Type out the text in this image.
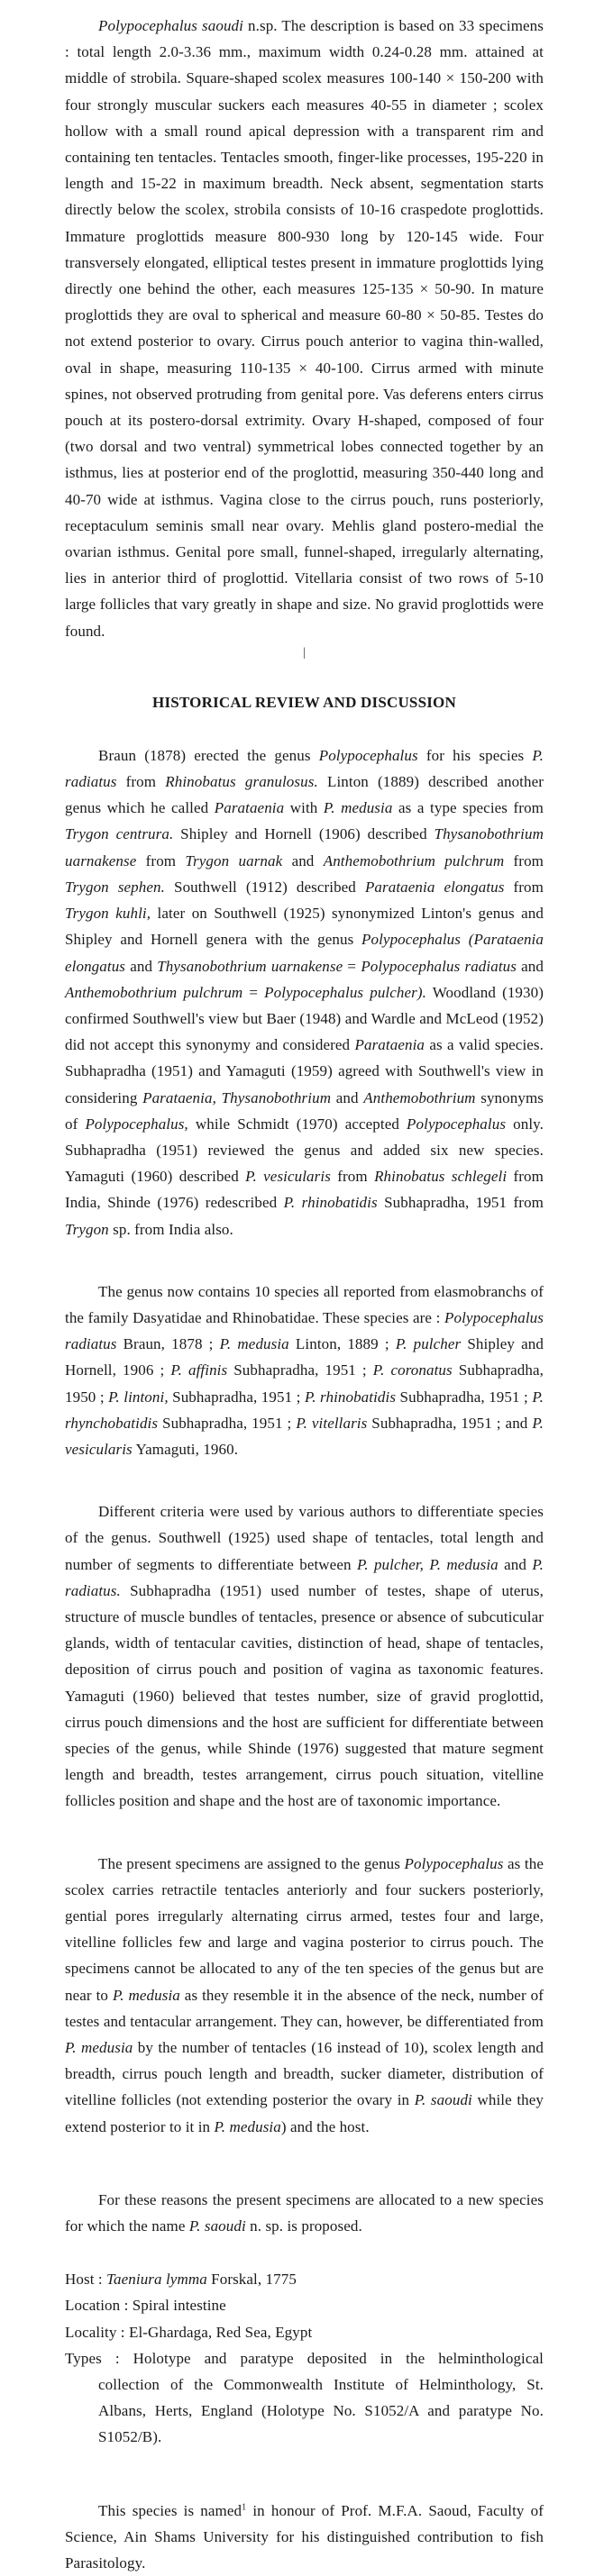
Polypocephalus saoudi n.sp. The description is based on 33 specimens : total length 2.0-3.36 mm., maximum width 0.24-0.28 mm. attained at middle of strobila. Square-shaped scolex measures 100-140 × 150-200 with four strongly muscular suckers each measures 40-55 in diameter ; scolex hollow with a small round apical depression with a transparent rim and containing ten tentacles. Tentacles smooth, finger-like processes, 195-220 in length and 15-22 in maximum breadth. Neck absent, segmentation starts directly below the scolex, strobila consists of 10-16 craspedote proglottids. Immature proglottids measure 800-930 long by 120-145 wide. Four transversely elongated, elliptical testes present in immature proglottids lying directly one behind the other, each measures 125-135 × 50-90. In mature proglottids they are oval to spherical and measure 60-80 × 50-85. Testes do not extend posterior to ovary. Cirrus pouch anterior to vagina thin-walled, oval in shape, measuring 110-135 × 40-100. Cirrus armed with minute spines, not observed protruding from genital pore. Vas deferens enters cirrus pouch at its postero-dorsal extrimity. Ovary H-shaped, composed of four (two dorsal and two ventral) symmetrical lobes connected together by an isthmus, lies at posterior end of the proglottid, measuring 350-440 long and 40-70 wide at isthmus. Vagina close to the cirrus pouch, runs posteriorly, receptaculum seminis small near ovary. Mehlis gland postero-medial the ovarian isthmus. Genital pore small, funnel-shaped, irregularly alternating, lies in anterior third of proglottid. Vitellaria consist of two rows of 5-10 large follicles that vary greatly in shape and size. No gravid proglottids were found.

|
HISTORICAL REVIEW AND DISCUSSION

Braun (1878) erected the genus Polypocephalus for his species P. radiatus from Rhinobatus granulosus. Linton (1889) described another genus which he called Parataenia with P. medusia as a type species from Trygon centrura. Shipley and Hornell (1906) described Thysanobothrium uarnakense from Trygon uarnak and Anthemobothrium pulchrum from Trygon sephen. Southwell (1912) described Parataenia elongatus from Trygon kuhli, later on Southwell (1925) synonymized Linton's genus and Shipley and Hornell genera with the genus Polypocephalus (Parataenia elongatus and Thysanobothrium uarnakense = Polypocephalus radiatus and Anthemobothrium pulchrum = Polypocephalus pulcher). Woodland (1930) confirmed Southwell's view but Baer (1948) and Wardle and McLeod (1952) did not accept this synonymy and considered Parataenia as a valid species. Subhapradha (1951) and Yamaguti (1959) agreed with Southwell's view in considering Parataenia, Thysanobothrium and Anthemobothrium synonyms of Polypocephalus, while Schmidt (1970) accepted Polypocephalus only. Subhapradha (1951) reviewed the genus and added six new species. Yamaguti (1960) described P. vesicularis from Rhinobatus schlegeli from India, Shinde (1976) redescribed P. rhinobatidis Subhapradha, 1951 from Trygon sp. from India also.

The genus now contains 10 species all reported from elasmobranchs of the family Dasyatidae and Rhinobatidae. These species are : Polypocephalus radiatus Braun, 1878 ; P. medusia Linton, 1889 ; P. pulcher Shipley and Hornell, 1906 ; P. affinis Subhapradha, 1951 ; P. coronatus Subhapradha, 1950 ; P. lintoni, Subhapradha, 1951 ; P. rhinobatidis Subhapradha, 1951 ; P. rhynchobatidis Subhapradha, 1951 ; P. vitellaris Subhapradha, 1951 ; and P. vesicularis Yamaguti, 1960.

Different criteria were used by various authors to differentiate species of the genus. Southwell (1925) used shape of tentacles, total length and number of segments to differentiate between P. pulcher, P. medusia and P. radiatus. Subhapradha (1951) used number of testes, shape of uterus, structure of muscle bundles of tentacles, presence or absence of subcuticular glands, width of tentacular cavities, distinction of head, shape of tentacles, deposition of cirrus pouch and position of vagina as taxonomic features. Yamaguti (1960) believed that testes number, size of gravid proglottid, cirrus pouch dimensions and the host are sufficient for differentiate between species of the genus, while Shinde (1976) suggested that mature segment length and breadth, testes arrangement, cirrus pouch situation, vitelline follicles position and shape and the host are of taxonomic importance.

The present specimens are assigned to the genus Polypocephalus as the scolex carries retractile tentacles anteriorly and four suckers posteriorly, gential pores irregularly alternating cirrus armed, testes four and large, vitelline follicles few and large and vagina posterior to cirrus pouch. The specimens cannot be allocated to any of the ten species of the genus but are near to P. medusia as they resemble it in the absence of the neck, number of testes and tentacular arrangement. They can, however, be differentiated from P. medusia by the number of tentacles (16 instead of 10), scolex length and breadth, cirrus pouch length and breadth, sucker diameter, distribution of vitelline follicles (not extending posterior the ovary in P. saoudi while they extend posterior to it in P. medusia) and the host.

For these reasons the present specimens are allocated to a new species for which the name P. saoudi n. sp. is proposed.

Host : Taeniura lymma Forskal, 1775

Location : Spiral intestine

Locality : El-Ghardaga, Red Sea, Egypt

Types : Holotype and paratype deposited in the helminthological

collection of the Commonwealth Institute of Helminthology, St. Albans, Herts, England (Holotype No. S1052/A and paratype No. S1052/B).

This species is named$^1$ in honour of Prof. M.F.A. Saoud, Faculty of Science, Ain Shams University for his distinguished contribution to fish Parasitology.
